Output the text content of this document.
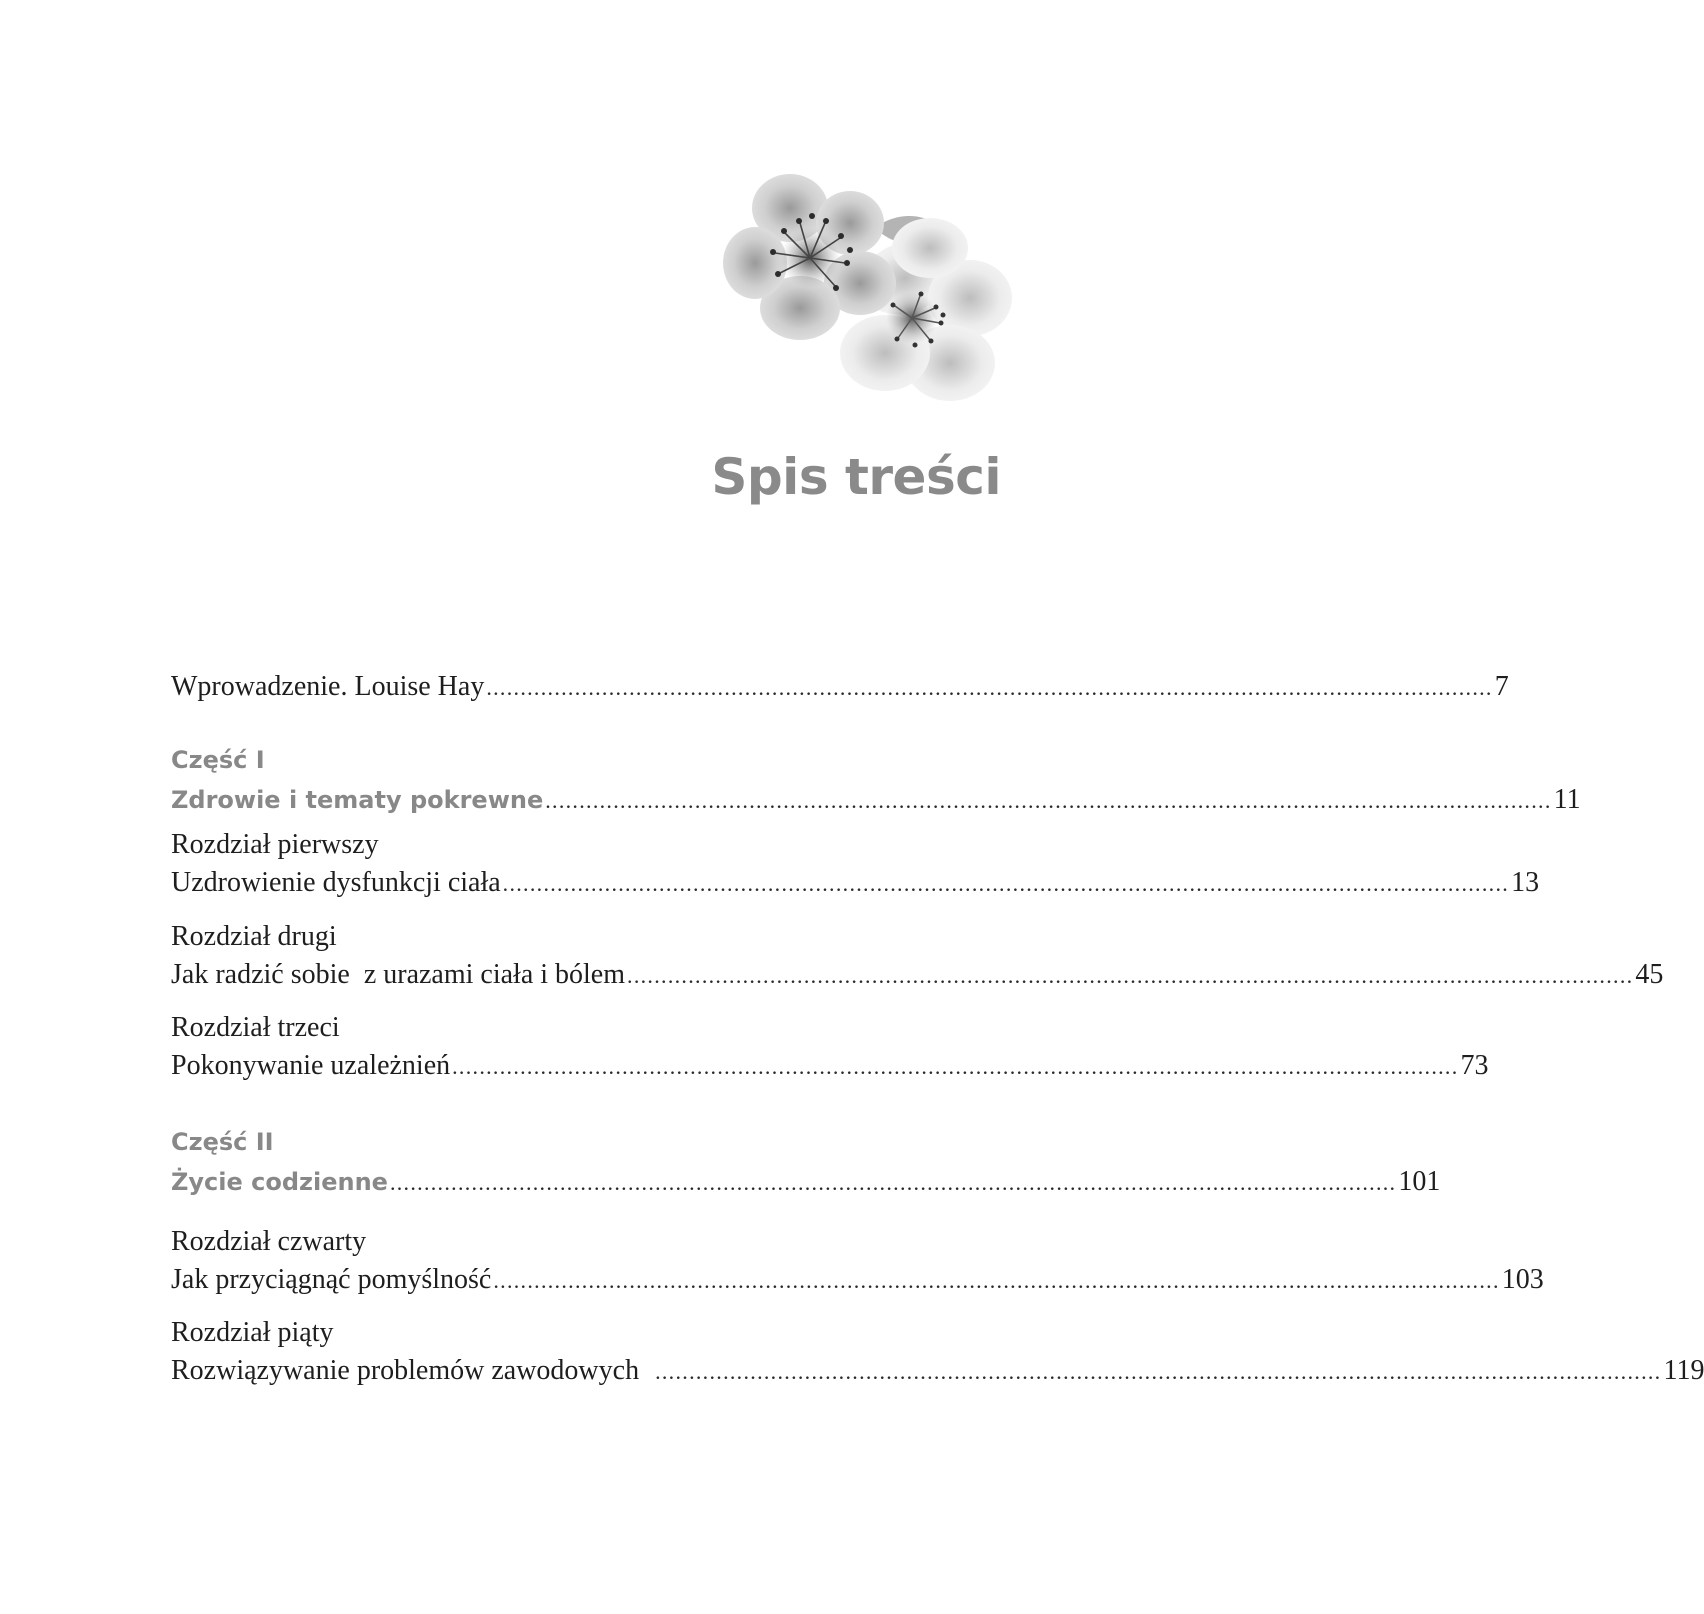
Spis treści
Wprowadzenie. Louise Hay .................................................................................................................................................... 7
Część I
Zdrowie i tematy pokrewne .................................................................................................................................................... 11
Rozdział pierwszy
Uzdrowienie dysfunkcji ciała .................................................................................................................................................... 13
Rozdział drugi
Jak radzić sobie  z urazami ciała i bólem .................................................................................................................................................... 45
Rozdział trzeci
Pokonywanie uzależnień .................................................................................................................................................... 73
Część II
Życie codzienne .................................................................................................................................................... 101
Rozdział czwarty
Jak przyciągnąć pomyślność .................................................................................................................................................... 103
Rozdział piąty
Rozwiązywanie problemów zawodowych .................................................................................................................................................... 119
